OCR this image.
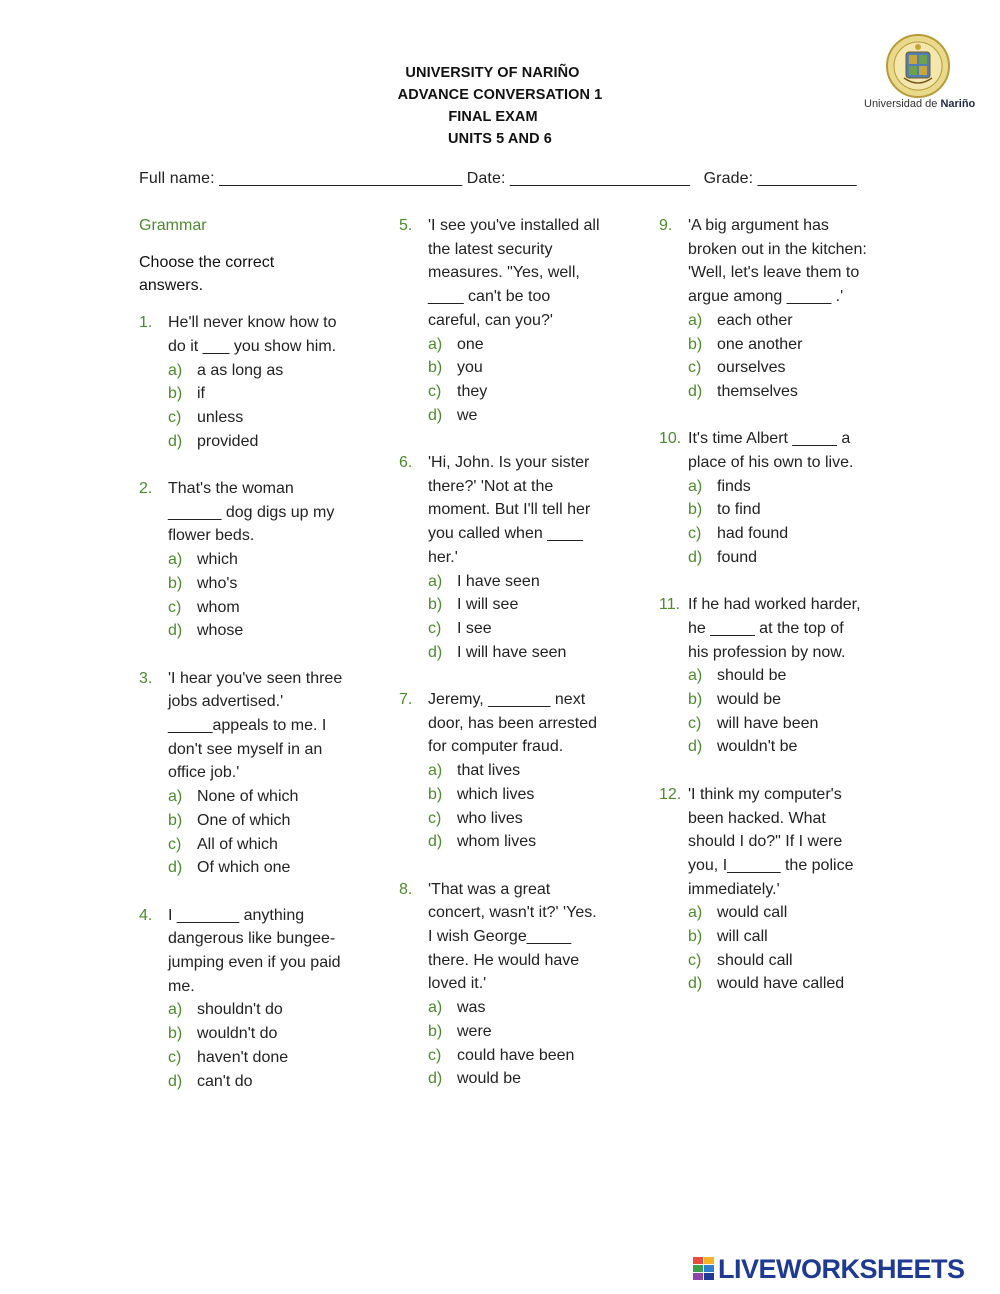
UNIVERSITY OF NARIÑO
ADVANCE CONVERSATION 1
FINAL EXAM
UNITS 5 AND 6
Universidad de Nariño
Full name: ___________________________ Date: ____________________   Grade: ___________
Grammar
Choose the correct answers.
1. He'll never know how to do it ___ you show him.
a) a as long as
b) if
c) unless
d) provided
2. That's the woman ______ dog digs up my flower beds.
a) which
b) who's
c) whom
d) whose
3. 'I hear you've seen three jobs advertised.' _____appeals to me. I don't see myself in an office job.'
a) None of which
b) One of which
c) All of which
d) Of which one
4. I _______ anything dangerous like bungee-jumping even if you paid me.
a) shouldn't do
b) wouldn't do
c) haven't done
d) can't do
5. 'I see you've installed all the latest security measures. "Yes, well, ____ can't be too careful, can you?'
a) one
b) you
c) they
d) we
6. 'Hi, John. Is your sister there?' 'Not at the moment. But I'll tell her you called when ____ her.'
a) I have seen
b) I will see
c) I see
d) I will have seen
7. Jeremy, _______ next door, has been arrested for computer fraud.
a) that lives
b) which lives
c) who lives
d) whom lives
8. 'That was a great concert, wasn't it?' 'Yes. I wish George_____ there. He would have loved it.'
a) was
b) were
c) could have been
d) would be
9. 'A big argument has broken out in the kitchen: 'Well, let's leave them to argue among _____ .'
a) each other
b) one another
c) ourselves
d) themselves
10. It's time Albert _____ a place of his own to live.
a) finds
b) to find
c) had found
d) found
11. If he had worked harder, he _____ at the top of his profession by now.
a) should be
b) would be
c) will have been
d) wouldn't be
12. 'I think my computer's been hacked. What should I do?" If I were you, I______ the police immediately.'
a) would call
b) will call
c) should call
d) would have called
LIVEWORKSHEETS
